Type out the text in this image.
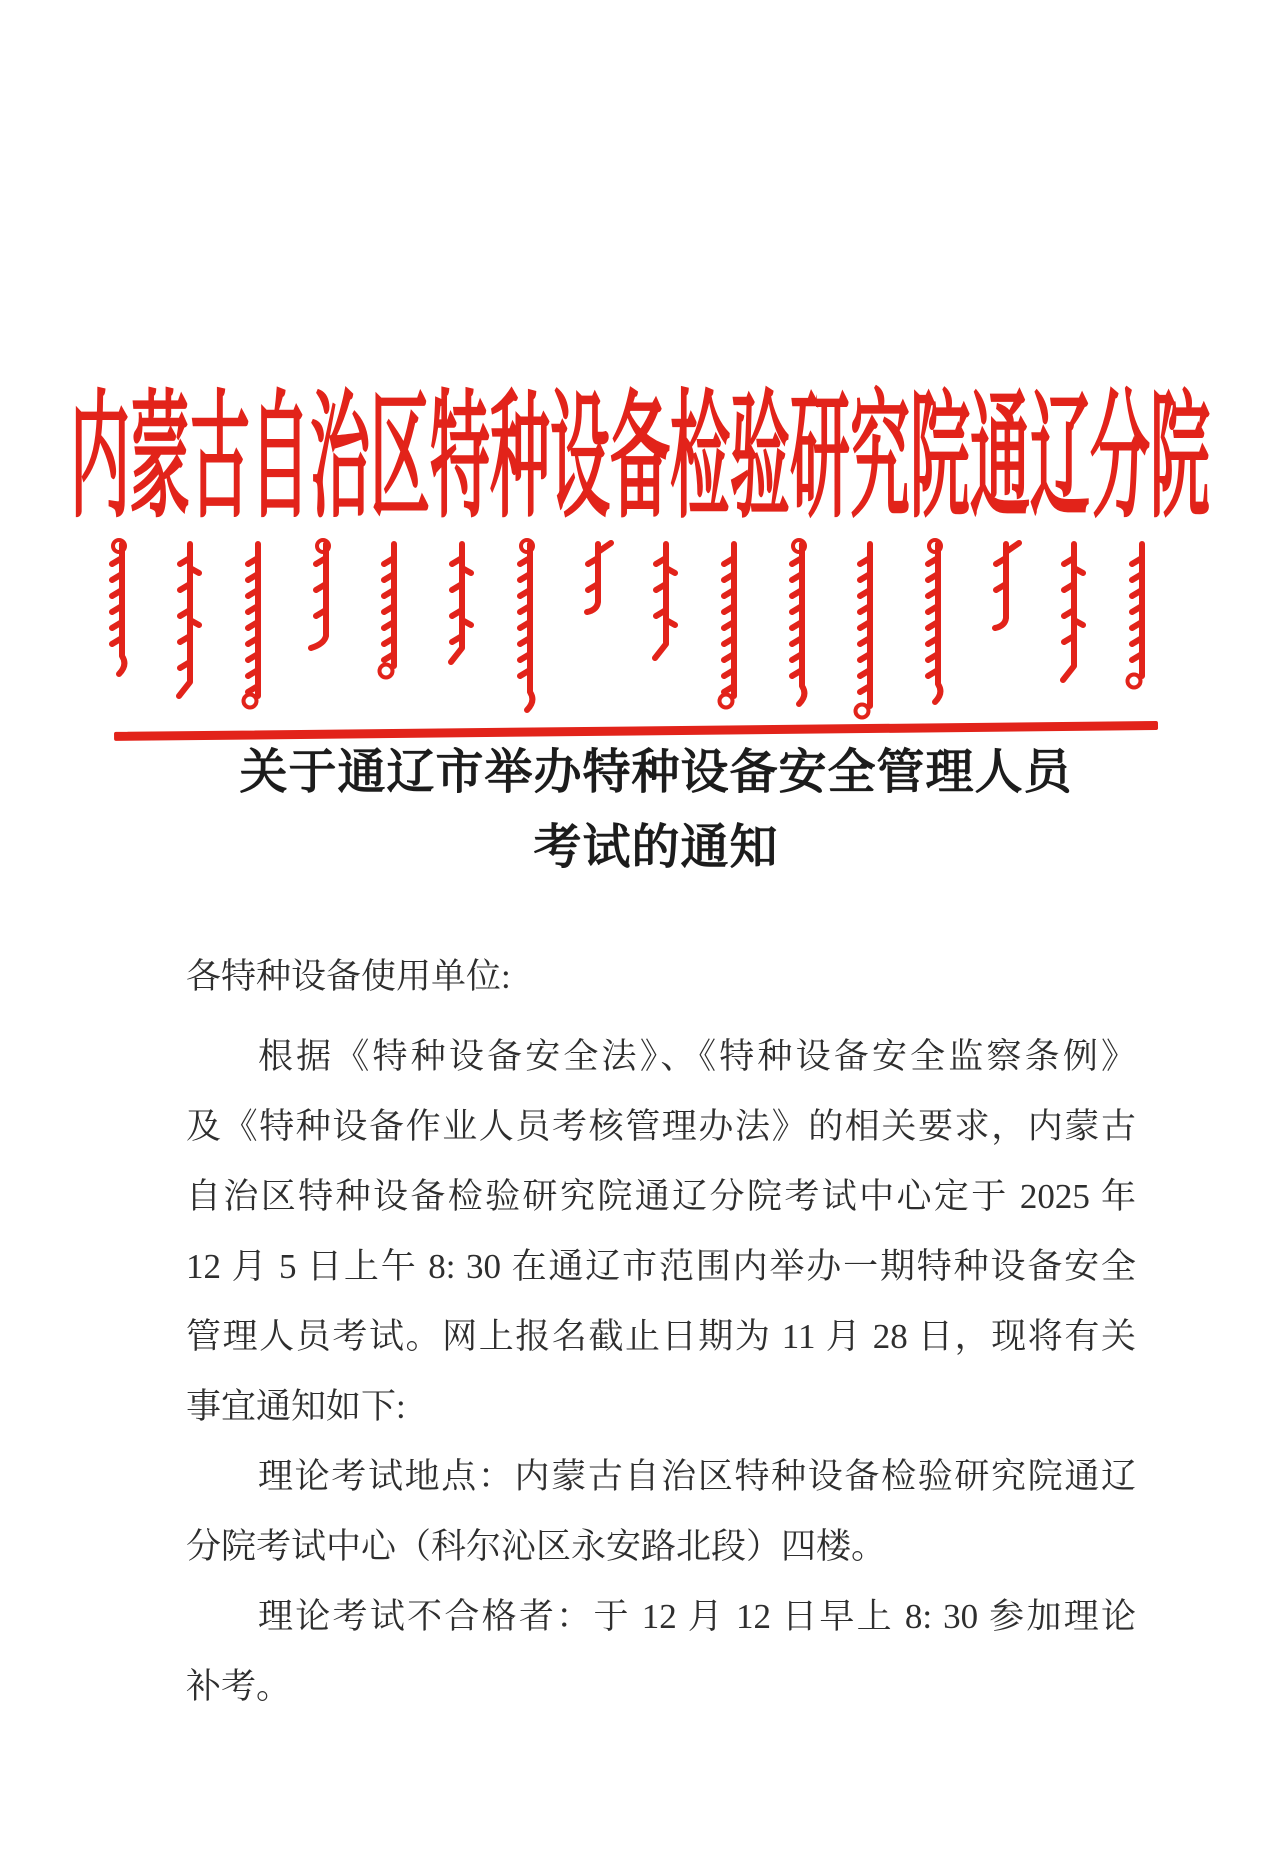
内蒙古自治区特种设备检验研究院通辽分院
关于通辽市举办特种设备安全管理人员
考试的通知
各特种设备使用单位:
根据《特种设备安全法》、《特种设备安全监察条例》
及《特种设备作业人员考核管理办法》的相关要求，内蒙古
自治区特种设备检验研究院通辽分院考试中心定于 2025 年
12 月 5 日上午 8: 30 在通辽市范围内举办一期特种设备安全
管理人员考试。网上报名截止日期为 11 月 28 日，现将有关
事宜通知如下:
理论考试地点：内蒙古自治区特种设备检验研究院通辽
分院考试中心（科尔沁区永安路北段）四楼。
理论考试不合格者：于 12 月 12 日早上 8: 30 参加理论
补考。
